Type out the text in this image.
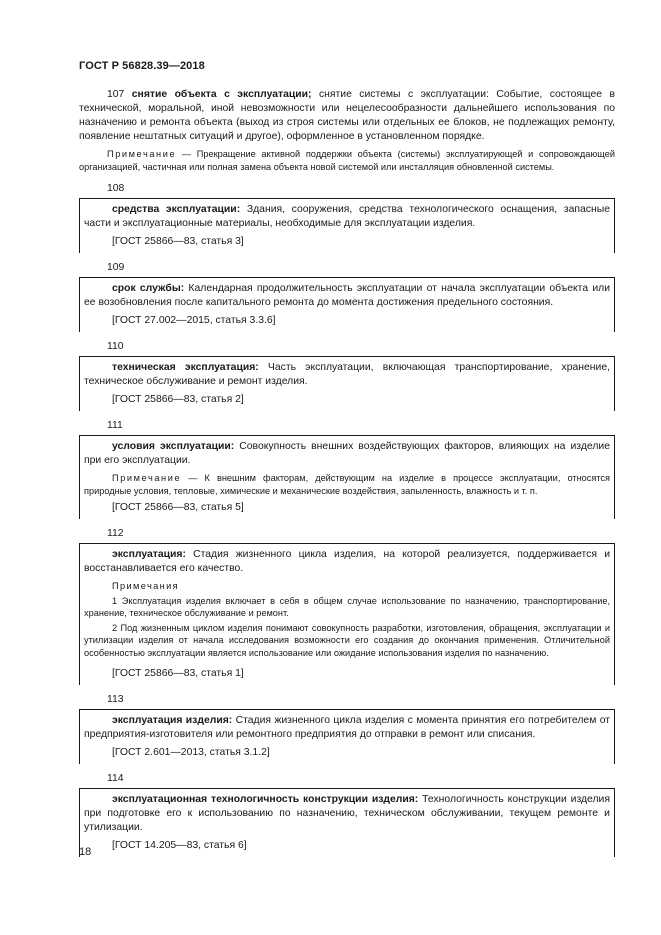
ГОСТ Р 56828.39—2018

107 снятие объекта с эксплуатации; снятие системы с эксплуатации: Событие, состоящее в технической, моральной, иной невозможности или нецелесообразности дальнейшего использования по назначению и ремонта объекта (выход из строя системы или отдельных ее блоков, не подлежащих ремонту, появление нештатных ситуаций и другое), оформленное в установленном порядке.

Примечание — Прекращение активной поддержки объекта (системы) эксплуатирующей и сопровождающей организацией, частичная или полная замена объекта новой системой или инсталляция обновленной системы.

108

средства эксплуатации: Здания, сооружения, средства технологического оснащения, запасные части и эксплуатационные материалы, необходимые для эксплуатации изделия.

[ГОСТ 25866—83, статья 3]

109

срок службы: Календарная продолжительность эксплуатации от начала эксплуатации объекта или ее возобновления после капитального ремонта до момента достижения предельного состояния.

[ГОСТ 27.002—2015, статья 3.3.6]

110

техническая эксплуатация: Часть эксплуатации, включающая транспортирование, хранение, техническое обслуживание и ремонт изделия.

[ГОСТ 25866—83, статья 2]

111

условия эксплуатации: Совокупность внешних воздействующих факторов, влияющих на изделие при его эксплуатации.

Примечание — К внешним факторам, действующим на изделие в процессе эксплуатации, относятся природные условия, тепловые, химические и механические воздействия, запыленность, влажность и т. п.

[ГОСТ 25866—83, статья 5]

112

эксплуатация: Стадия жизненного цикла изделия, на которой реализуется, поддерживается и восстанавливается его качество.

Примечания

1 Эксплуатация изделия включает в себя в общем случае использование по назначению, транспортирование, хранение, техническое обслуживание и ремонт.

2 Под жизненным циклом изделия понимают совокупность разработки, изготовления, обращения, эксплуатации и утилизации изделия от начала исследования возможности его создания до окончания применения. Отличительной особенностью эксплуатации является использование или ожидание использования изделия по назначению.

[ГОСТ 25866—83, статья 1]

113

эксплуатация изделия: Стадия жизненного цикла изделия с момента принятия его потребителем от предприятия-изготовителя или ремонтного предприятия до отправки в ремонт или списания.

[ГОСТ 2.601—2013, статья 3.1.2]

114

эксплуатационная технологичность конструкции изделия: Технологичность конструкции изделия при подготовке его к использованию по назначению, техническом обслуживании, текущем ремонте и утилизации.

[ГОСТ 14.205—83, статья 6]

18
